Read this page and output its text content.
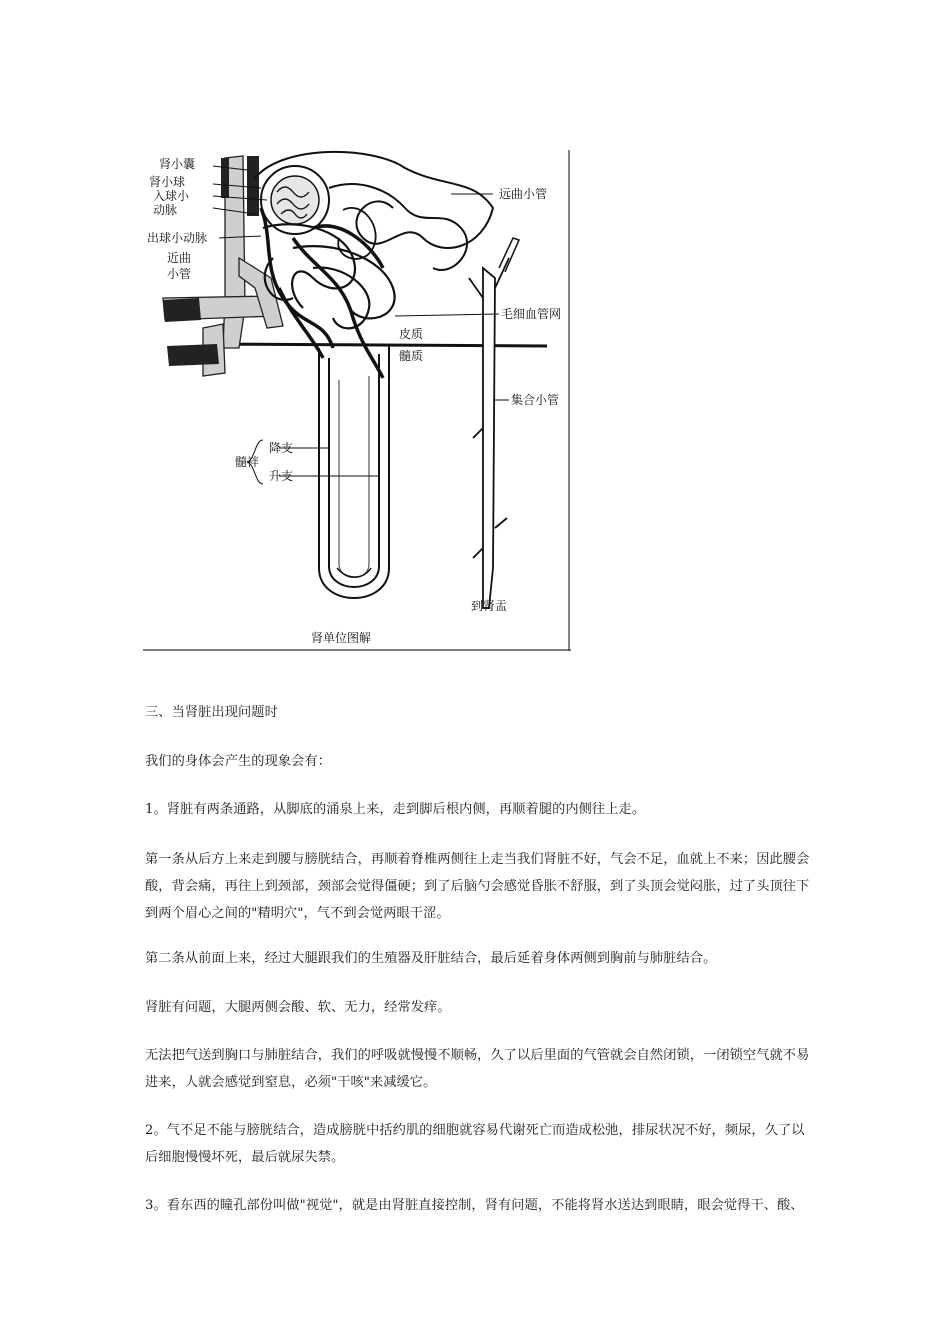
肾小囊
肾小球
入球小
动脉
出球小动脉
近曲
小管
远曲小管
毛细血管网
皮质
髓质
集合小管
髓袢
降支
升支
到肾盂
肾单位图解

三、当肾脏出现问题时

我们的身体会产生的现象会有：

1。肾脏有两条通路，从脚底的涌泉上来，走到脚后根内侧，再顺着腿的内侧往上走。

第一条从后方上来走到腰与膀胱结合，再顺着脊椎两侧往上走当我们肾脏不好，气会不足，血就上不来；因此腰会酸，背会痛，再往上到颈部，颈部会觉得僵硬；到了后脑勺会感觉昏胀不舒服，到了头顶会觉闷胀，过了头顶往下到两个眉心之间的"精明穴"，气不到会觉两眼干涩。

第二条从前面上来，经过大腿跟我们的生殖器及肝脏结合，最后延着身体两侧到胸前与肺脏结合。

肾脏有问题，大腿两侧会酸、软、无力，经常发痒。

无法把气送到胸口与肺脏结合，我们的呼吸就慢慢不顺畅，久了以后里面的气管就会自然闭锁，一闭锁空气就不易进来，人就会感觉到窒息，必须"干咳"来减缓它。

2。气不足不能与膀胱结合，造成膀胱中括约肌的细胞就容易代谢死亡而造成松弛，排尿状况不好，频尿，久了以后细胞慢慢坏死，最后就尿失禁。

3。看东西的瞳孔部份叫做"视觉"，就是由肾脏直接控制，肾有问题，不能将肾水送达到眼睛，眼会觉得干、酸、
